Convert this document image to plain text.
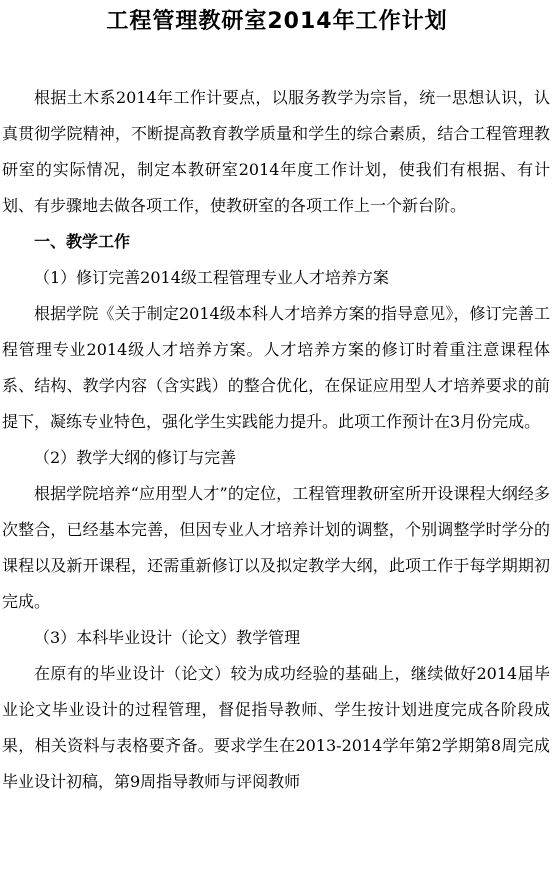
工程管理教研室2014年工作计划

根据土木系2014年工作计要点，以服务教学为宗旨，统一思想认识，认真贯彻学院精神，不断提高教育教学质量和学生的综合素质，结合工程管理教研室的实际情况，制定本教研室2014年度工作计划，使我们有根据、有计划、有步骤地去做各项工作，使教研室的各项工作上一个新台阶。

一、教学工作

（1）修订完善2014级工程管理专业人才培养方案

根据学院《关于制定2014级本科人才培养方案的指导意见》，修订完善工程管理专业2014级人才培养方案。人才培养方案的修订时着重注意课程体系、结构、教学内容（含实践）的整合优化，在保证应用型人才培养要求的前提下，凝练专业特色，强化学生实践能力提升。此项工作预计在3月份完成。

（2）教学大纲的修订与完善

根据学院培养“应用型人才”的定位，工程管理教研室所开设课程大纲经多次整合，已经基本完善，但因专业人才培养计划的调整，个别调整学时学分的课程以及新开课程，还需重新修订以及拟定教学大纲，此项工作于每学期期初完成。

（3）本科毕业设计（论文）教学管理

在原有的毕业设计（论文）较为成功经验的基础上，继续做好2014届毕业论文毕业设计的过程管理，督促指导教师、学生按计划进度完成各阶段成果，相关资料与表格要齐备。要求学生在2013-2014学年第2学期第8周完成毕业设计初稿，第9周指导教师与评阅教师
